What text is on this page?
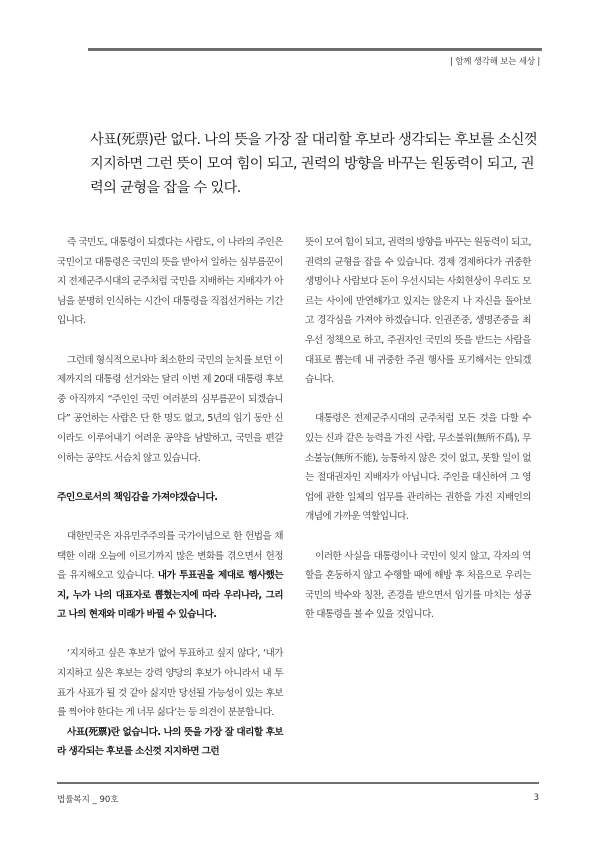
| 함께 생각해 보는 세상 |

사표(死票)란 없다. 나의 뜻을 가장 잘 대리할 후보라 생각되는 후보를 소신껏 지지하면 그런 뜻이 모여 힘이 되고, 권력의 방향을 바꾸는 원동력이 되고, 권력의 균형을 잡을 수 있다.

즉 국민도, 대통령이 되겠다는 사람도, 이 나라의 주인은 국민이고 대통령은 국민의 뜻을 받아서 일하는 심부름꾼이지 전제군주시대의 군주처럼 국민을 지배하는 지배자가 아님을 분명히 인식하는 시간이 대통령을 직접선거하는 기간입니다.

그런데 형식적으로나마 최소한의 국민의 눈치를 보던 이제까지의 대통령 선거와는 달리 이번 제 20대 대통령 후보 중 아직까지 “주인인 국민 여러분의 심부름꾼이 되겠습니다” 공언하는 사람은 단 한 명도 없고, 5년의 임기 동안 신이라도 이루어내기 어려운 공약을 남발하고, 국민을 편갈이하는 공약도 서슴치 않고 있습니다.

주인으로서의 책임감을 가져야겠습니다.

대한민국은 자유민주주의를 국가이념으로 한 헌법을 채택한 이래 오늘에 이르기까지 많은 변화를 겪으면서 헌정을 유지해오고 있습니다. 내가 투표권을 제대로 행사했는지, 누가 나의 대표자로 뽑혔는지에 따라 우리나라, 그리고 나의 현재와 미래가 바뀔 수 있습니다.

‘지지하고 싶은 후보가 없어 투표하고 싶지 않다’, ‘내가 지지하고 싶은 후보는 강력 양당의 후보가 아니라서 내 투표가 사표가 될 것 같아 싫지만 당선될 가능성이 있는 후보를 찍어야 한다는 게 너무 싫다’는 등 의견이 분분합니다.

사표(死票)란 없습니다. 나의 뜻을 가장 잘 대리할 후보라 생각되는 후보를 소신껏 지지하면 그런

뜻이 모여 힘이 되고, 권력의 방향을 바꾸는 원동력이 되고, 권력의 균형을 잡을 수 있습니다. 경제 경제하다가 귀중한 생명이나 사람보다 돈이 우선시되는 사회현상이 우리도 모르는 사이에 만연해가고 있지는 않은지 나 자신을 돌아보고 경각심을 가져야 하겠습니다. 인권존중, 생명존중을 최우선 정책으로 하고, 주권자인 국민의 뜻을 받드는 사람을 대표로 뽑는데 내 귀중한 주권 행사를 포기해서는 안되겠습니다.

대통령은 전제군주시대의 군주처럼 모든 것을 다할 수 있는 신과 같은 능력을 가진 사람, 무소불위(無所不爲), 무소불능(無所不能), 능통하지 않은 것이 없고, 못할 일이 없는 절대권자인 지배자가 아닙니다. 주인을 대신하여 그 영업에 관한 일체의 업무를 관리하는 권한을 가진 지배인의 개념에 가까운 역할입니다.

이러한 사실을 대통령이나 국민이 잊지 않고, 각자의 역할을 혼동하지 않고 수행할 때에 해방 후 처음으로 우리는 국민의 박수와 칭찬, 존경을 받으면서 임기를 마치는 성공한 대통령을 볼 수 있을 것입니다.

법률복지 _ 90호	3
